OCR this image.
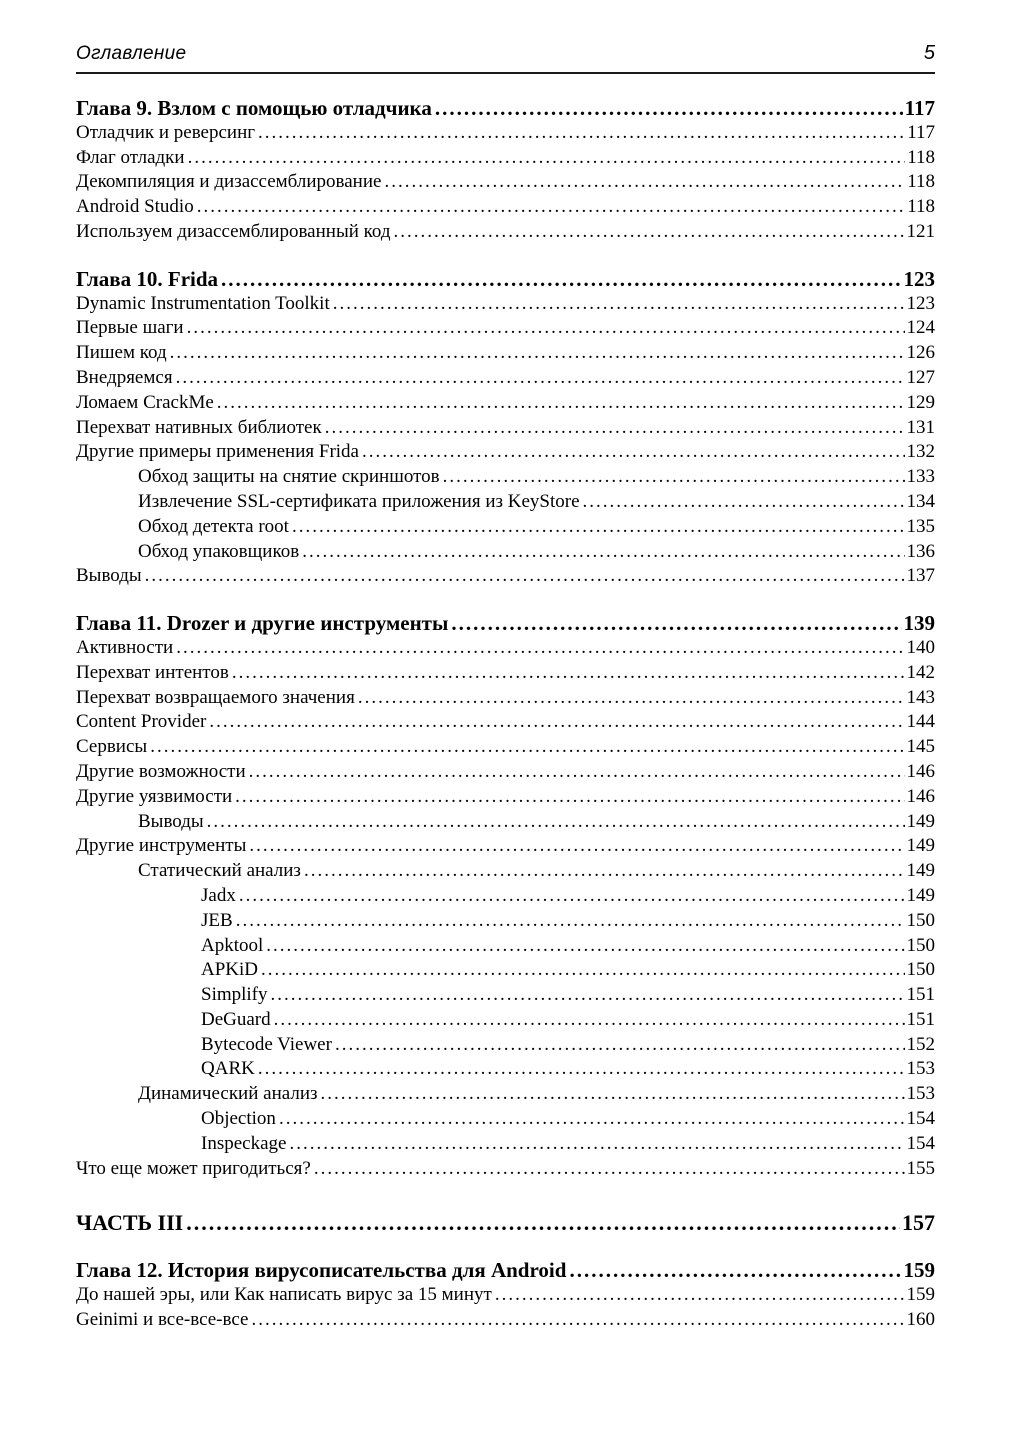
Оглавление	5
Глава 9. Взлом с помощью отладчика .....	117
Отладчик и реверсинг .....	117
Флаг отладки .....	118
Декомпиляция и дизассемблирование .....	118
Android Studio .....	118
Используем дизассемблированный код .....	121
Глава 10. Frida .....	123
Dynamic Instrumentation Toolkit .....	123
Первые шаги .....	124
Пишем код .....	126
Внедряемся .....	127
Ломаем CrackMe .....	129
Перехват нативных библиотек .....	131
Другие примеры применения Frida .....	132
Обход защиты на снятие скриншотов .....	133
Извлечение SSL-сертификата приложения из KeyStore .....	134
Обход детекта root .....	135
Обход упаковщиков .....	136
Выводы .....	137
Глава 11. Drozer и другие инструменты .....	139
Активности .....	140
Перехват интентов .....	142
Перехват возвращаемого значения .....	143
Content Provider .....	144
Сервисы .....	145
Другие возможности .....	146
Другие уязвимости .....	146
Выводы .....	149
Другие инструменты .....	149
Статический анализ .....	149
Jadx .....	149
JEB .....	150
Apktool .....	150
APKiD .....	150
Simplify .....	151
DeGuard .....	151
Bytecode Viewer .....	152
QARK .....	153
Динамический анализ .....	153
Objection .....	154
Inspeckage .....	154
Что еще может пригодиться? .....	155
ЧАСТЬ III .....	157
Глава 12. История вирусописательства для Android .....	159
До нашей эры, или Как написать вирус за 15 минут .....	159
Geinimi и все-все-все .....	160
